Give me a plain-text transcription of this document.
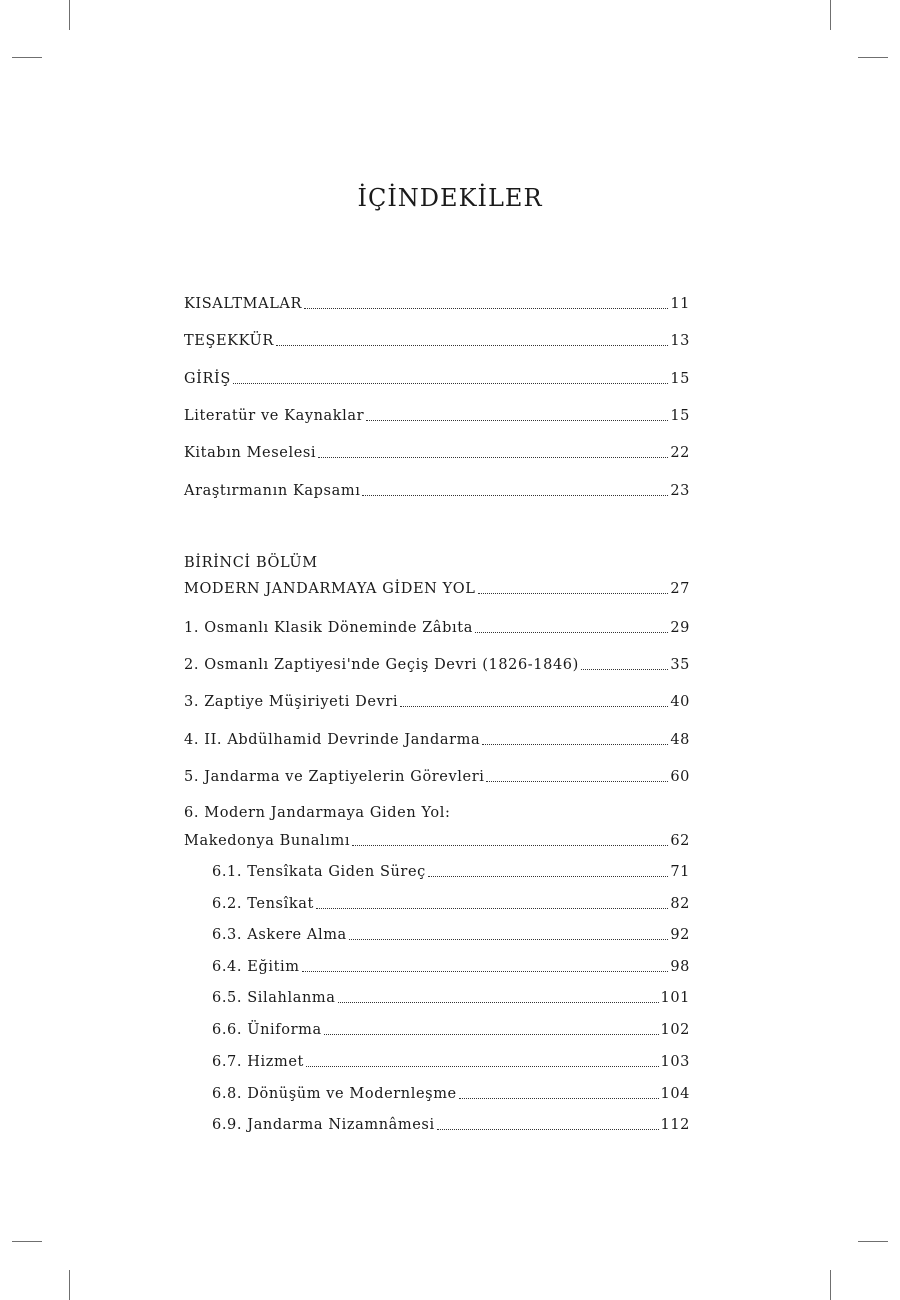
İÇİNDEKİLER
KISALTMALAR	11
TEŞEKKÜR	13
GİRİŞ	15
Literatür ve Kaynaklar	15
Kitabın Meselesi	22
Araştırmanın Kapsamı	23
BİRİNCİ BÖLÜM
MODERN JANDARMAYA GİDEN YOL	27
1. Osmanlı Klasik Döneminde Zâbıta	29
2. Osmanlı Zaptiyesi'nde Geçiş Devri (1826-1846)	35
3. Zaptiye Müşiriyeti Devri	40
4. II. Abdülhamid Devrinde Jandarma	48
5. Jandarma ve Zaptiyelerin Görevleri	60
6. Modern Jandarmaya Giden Yol:
Makedonya Bunalımı	62
6.1. Tensîkata Giden Süreç	71
6.2. Tensîkat	82
6.3. Askere Alma	92
6.4. Eğitim	98
6.5. Silahlanma	101
6.6. Üniforma	102
6.7. Hizmet	103
6.8. Dönüşüm ve Modernleşme	104
6.9. Jandarma Nizamnâmesi	112
